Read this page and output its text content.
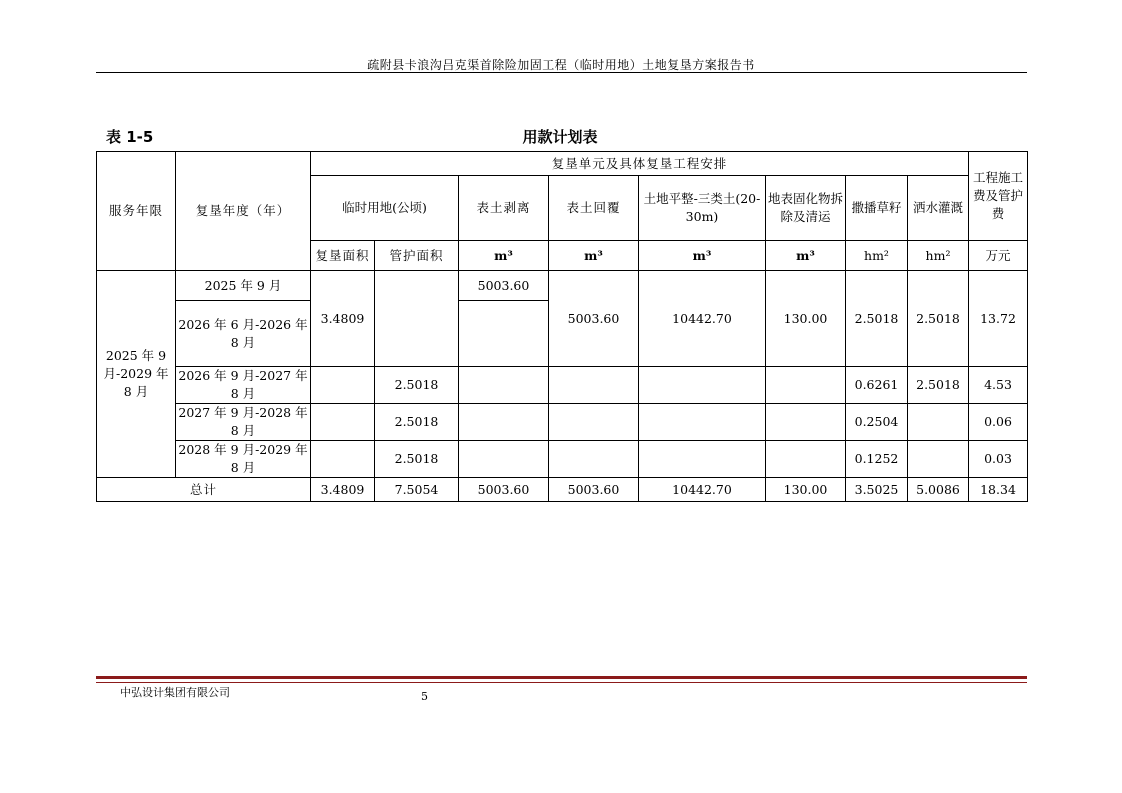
疏附县卡浪沟吕克渠首除险加固工程（临时用地）土地复垦方案报告书
表 1-5	用款计划表
服务年限	复垦年度（年）	复垦单元及具体复垦工程安排								工程施工费及管护费
		临时用地(公顷)		表土剥离	表土回覆	土地平整-三类土(20-30m)	地表固化物拆除及清运	撒播草籽	洒水灌溉	
		复垦面积	管护面积	m³	m³	m³	m³	hm²	hm²	万元
2025 年 9 月-2029 年 8 月	2025 年 9 月	3.4809		5003.60	5003.60	10442.70	130.00	2.5018	2.5018	13.72
	2026 年 6 月-2026 年 8 月									
	2026 年 9 月-2027 年 8 月		2.5018					0.6261	2.5018	4.53
	2027 年 9 月-2028 年 8 月		2.5018					0.2504		0.06
	2028 年 9 月-2029 年 8 月		2.5018					0.1252		0.03
总计		3.4809	7.5054	5003.60	5003.60	10442.70	130.00	3.5025	5.0086	18.34
中弘设计集团有限公司	5
